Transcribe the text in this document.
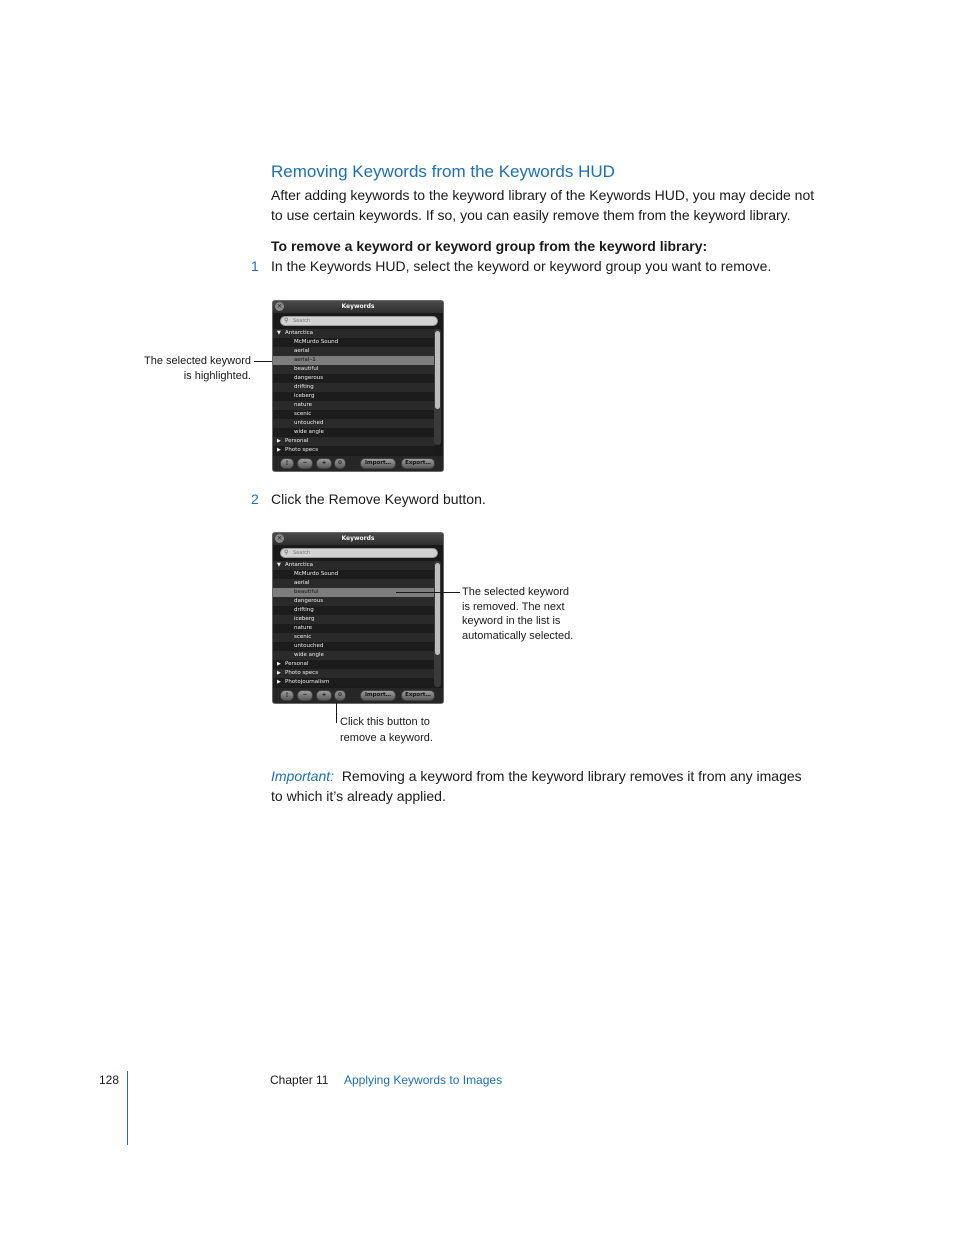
Removing Keywords from the Keywords HUD

After adding keywords to the keyword library of the Keywords HUD, you may decide not

to use certain keywords. If so, you can easily remove them from the keyword library.

To remove a keyword or keyword group from the keyword library:
1 In the Keywords HUD, select the keyword or keyword group you want to remove.
The selected keyword
is highlighted.
Keywords
×
⚲ Search
▼ Antarctica
McMurdo Sound
aerial
aerial–1
beautiful
dangerous
drifting
iceberg
nature
scenic
untouched
wide angle
▶ Personal
▶ Photo specs
▯	−	+	⚙	Import…	Export…
2 Click the Remove Keyword button.
Keywords
×
⚲ Search
▼ Antarctica
McMurdo Sound
aerial
beautiful
dangerous
drifting
iceberg
nature
scenic
untouched
wide angle
▶ Personal
▶ Photo specs
▶ Photojournalism
▯	−	+	⚙	Import…	Export…
The selected keyword
is removed. The next
keyword in the list is
automatically selected.
Click this button to
remove a keyword.
Important: Removing a keyword from the keyword library removes it from any images
to which it’s already applied.
128	Chapter 11 Applying Keywords to Images
